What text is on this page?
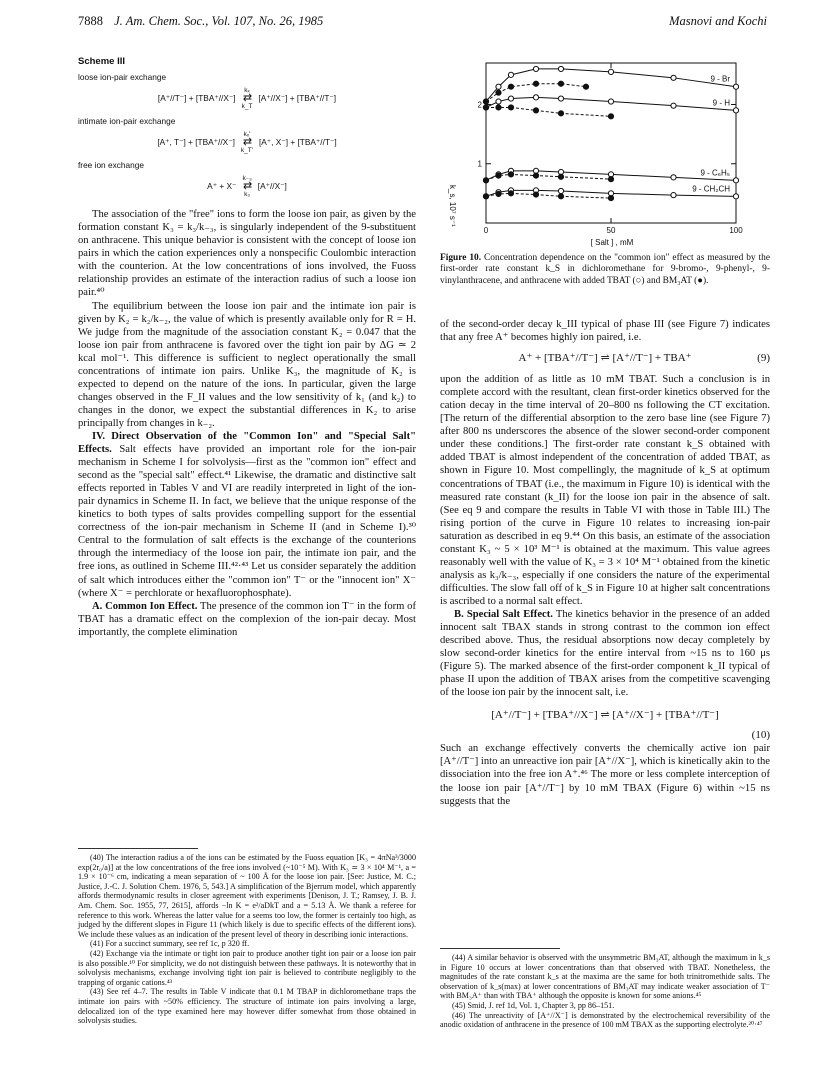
7888 J. Am. Chem. Soc., Vol. 107, No. 26, 1985	Masnovi and Kochi
Scheme III
loose ion-pair exchange
[A⁺//T⁻] + [TBA⁺//X⁻]
kₓ
⇄
k_T
[A⁺//X⁻] + [TBA⁺//T⁻]
intimate ion-pair exchange
[A⁺, T⁻] + [TBA⁺//X⁻]
kₓ'
⇄
k_T'
[A⁺, X⁻] + [TBA⁺//T⁻]
free ion exchange
A⁺ + X⁻
k₋₃
⇄
k₃
[A⁺//X⁻]

The association of the "free" ions to form the loose ion pair, as given by the formation constant K₃ = k₃/k₋₃, is singularly independent of the 9-substituent on anthracene. This unique behavior is consistent with the concept of loose ion pairs in which the cation experiences only a nonspecific Coulombic interaction with the counterion. At the low concentrations of ions involved, the Fuoss relationship provides an estimate of the interaction radius of such a loose ion pair.⁴⁰

The equilibrium between the loose ion pair and the intimate ion pair is given by K₂ = k₂/k₋₂, the value of which is presently available only for R = H. We judge from the magnitude of the association constant K₂ = 0.047 that the loose ion pair from anthracene is favored over the tight ion pair by ΔG ≃ 2 kcal mol⁻¹. This difference is sufficient to neglect operationally the small concentrations of intimate ion pairs. Unlike K₃, the magnitude of K₂ is expected to depend on the nature of the ions. In particular, given the large changes observed in the F_II values and the low sensitivity of k₁ (and k₂) to changes in the donor, we expect the substantial differences in K₂ to arise principally from changes in k₋₂.

IV. Direct Observation of the "Common Ion" and "Special Salt" Effects. Salt effects have provided an important role for the ion-pair mechanism in Scheme I for solvolysis—first as the "common ion" effect and second as the "special salt" effect.⁴¹ Likewise, the dramatic and distinctive salt effects reported in Tables V and VI are readily interpreted in light of the ion-pair dynamics in Scheme II. In fact, we believe that the unique response of the kinetics to both types of salts provides compelling support for the essential correctness of the ion-pair mechanism in Scheme II (and in Scheme I).³⁰ Central to the formulation of salt effects is the exchange of the counterions through the intermediacy of the loose ion pair, the intimate ion pair, and the free ions, as outlined in Scheme III.⁴²·⁴³ Let us consider separately the addition of salt which introduces either the "common ion" T⁻ or the "innocent ion" X⁻ (where X⁻ = perchlorate or hexafluorophosphate).

A. Common Ion Effect. The presence of the common ion T⁻ in the form of TBAT has a dramatic effect on the complexion of the ion-pair decay. Most importantly, the complete elimination

(40) The interaction radius a of the ions can be estimated by the Fuoss equation [K₃ = 4πNa³/3000 exp(2r₀/a)] at the low concentrations of the free ions involved (~10⁻⁵ M). With K₃ ≃ 3 × 10⁴ M⁻¹, a = 1.9 × 10⁻⁶ cm, indicating a mean separation of ~ 100 Å for the loose ion pair. [See: Justice, M. C.; Justice, J.-C. J. Solution Chem. 1976, 5, 543.] A simplification of the Bjerrum model, which apparently affords thermodynamic results in closer agreement with experiments [Denison, J. T.; Ramsey, J. B. J. Am. Chem. Soc. 1955, 77, 2615], affords −ln K = e²/aDkT and a = 5.13 Å. We thank a referee for reference to this work. Whereas the latter value for a seems too low, the former is certainly too high, as judged by the different slopes in Figure 11 (which likely is due to specific effects of the different ions). We include these values as an indication of the present level of theory in describing ionic interactions.

(41) For a succinct summary, see ref 1c, p 320 ff.

(42) Exchange via the intimate or tight ion pair to produce another tight ion pair or a loose ion pair is also possible.¹⁰ For simplicity, we do not distinguish between these pathways. It is noteworthy that in solvolysis mechanisms, exchange involving tight ion pair is believed to contribute negligibly to the trapping of organic cations.⁴³

(43) See ref 4–7. The results in Table V indicate that 0.1 M TBAP in dichloromethane traps the intimate ion pairs with ~50% efficiency. The structure of intimate ion pairs involving a large, delocalized ion of the type examined here may however differ somewhat from those obtained in solvolysis studies.

k_s, 10⁷ s⁻¹
[ Salt ] , mM
0	50	100
1
2
9 - Br
9 - H
9 - C₆H₅
9 - CH₂CH
Figure 10. Concentration dependence on the "common ion" effect as measured by the first-order rate constant k_S in dichloromethane for 9-bromo-, 9-phenyl-, 9-vinylanthracene, and anthracene with added TBAT (○) and BM₃AT (●).

of the second-order decay k_III typical of phase III (see Figure 7) indicates that any free A⁺ becomes highly ion paired, i.e.

A⁺ + [TBA⁺//T⁻] ⇌ [A⁺//T⁻] + TBA⁺	(9)

upon the addition of as little as 10 mM TBAT. Such a conclusion is in complete accord with the resultant, clean first-order kinetics observed for the cation decay in the time interval of 20–800 ns following the CT excitation. [The return of the differential absorption to the zero base line (see Figure 7) after 800 ns underscores the absence of the slower second-order component under these conditions.] The first-order rate constant k_S obtained with added TBAT is almost independent of the concentration of added TBAT, as shown in Figure 10. Most compellingly, the magnitude of k_S at optimum concentrations of TBAT (i.e., the maximum in Figure 10) is identical with the measured rate constant (k_II) for the loose ion pair in the absence of salt. (See eq 9 and compare the results in Table VI with those in Table III.) The rising portion of the curve in Figure 10 relates to increasing ion-pair saturation as described in eq 9.⁴⁴ On this basis, an estimate of the association constant K₃ ~ 5 × 10³ M⁻¹ is obtained at the maximum. This value agrees reasonably well with the value of K₃ = 3 × 10⁴ M⁻¹ obtained from the kinetic analysis as k₃/k₋₃, especially if one considers the nature of the experimental difficulties. The slow fall off of k_S in Figure 10 at higher salt concentrations is ascribed to a normal salt effect.

B. Special Salt Effect. The kinetics behavior in the presence of an added innocent salt TBAX stands in strong contrast to the common ion effect described above. Thus, the residual absorptions now decay completely by slow second-order kinetics for the entire interval from ~15 ns to 160 μs (Figure 5). The marked absence of the first-order component k_II typical of phase II upon the addition of TBAX arises from the competitive scavenging of the loose ion pair by the innocent salt, i.e.

[A⁺//T⁻] + [TBA⁺//X⁻] ⇌ [A⁺//X⁻] + [TBA⁺//T⁻]
(10)

Such an exchange effectively converts the chemically active ion pair [A⁺//T⁻] into an unreactive ion pair [A⁺//X⁻], which is kinetically akin to the dissociation into the free ion A⁺.⁴⁶ The more or less complete interception of the loose ion pair [A⁺//T⁻] by 10 mM TBAX (Figure 6) within ~15 ns suggests that the

(44) A similar behavior is observed with the unsymmetric BM₃AT, although the maximum in k_s in Figure 10 occurs at lower concentrations than that observed with TBAT. Nonetheless, the magnitudes of the rate constant k_s at the maxima are the same for both trinitromethide salts. The observation of k_s(max) at lower concentrations of BM₃AT may indicate weaker association of T⁻ with BM₃A⁺ than with TBA⁺ although the opposite is known for some anions.⁴⁵

(45) Smid, J. ref 1d, Vol. 1, Chapter 3, pp 86–151.

(46) The unreactivity of [A⁺//X⁻] is demonstrated by the electrochemical reversibility of the anodic oxidation of anthracene in the presence of 100 mM TBAX as the supporting electrolyte.²⁰·⁴⁷
